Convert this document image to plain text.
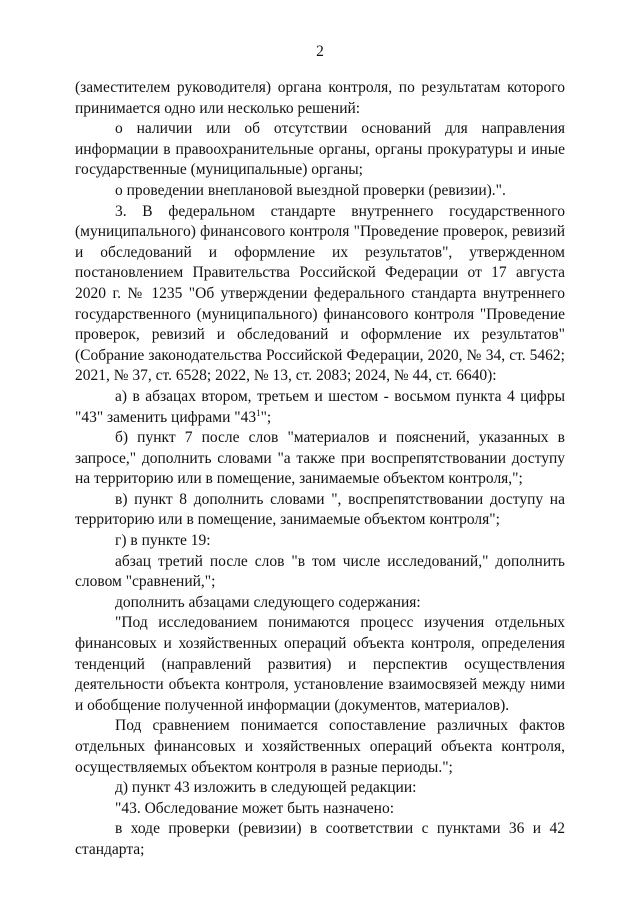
2

(заместителем руководителя) органа контроля, по результатам которого принимается одно или несколько решений:

о наличии или об отсутствии оснований для направления информации в правоохранительные органы, органы прокуратуры и иные государственные (муниципальные) органы;

о проведении внеплановой выездной проверки (ревизии).".

3. В федеральном стандарте внутреннего государственного (муниципального) финансового контроля "Проведение проверок, ревизий и обследований и оформление их результатов", утвержденном постановлением Правительства Российской Федерации от 17 августа 2020 г. № 1235 "Об утверждении федерального стандарта внутреннего государственного (муниципального) финансового контроля "Проведение проверок, ревизий и обследований и оформление их результатов" (Собрание законодательства Российской Федерации, 2020, № 34, ст. 5462; 2021, № 37, ст. 6528; 2022, № 13, ст. 2083; 2024, № 44, ст. 6640):

а) в абзацах втором, третьем и шестом - восьмом пункта 4 цифры "43" заменить цифрами "$43^1$";

б) пункт 7 после слов "материалов и пояснений, указанных в запросе," дополнить словами "а также при воспрепятствовании доступу на территорию или в помещение, занимаемые объектом контроля,";

в) пункт 8 дополнить словами ", воспрепятствовании доступу на территорию или в помещение, занимаемые объектом контроля";

г) в пункте 19:

абзац третий после слов "в том числе исследований," дополнить словом "сравнений,";

дополнить абзацами следующего содержания:

"Под исследованием понимаются процесс изучения отдельных финансовых и хозяйственных операций объекта контроля, определения тенденций (направлений развития) и перспектив осуществления деятельности объекта контроля, установление взаимосвязей между ними и обобщение полученной информации (документов, материалов).

Под сравнением понимается сопоставление различных фактов отдельных финансовых и хозяйственных операций объекта контроля, осуществляемых объектом контроля в разные периоды.";

д) пункт 43 изложить в следующей редакции:

"43. Обследование может быть назначено:

в ходе проверки (ревизии) в соответствии с пунктами 36 и 42 стандарта;
